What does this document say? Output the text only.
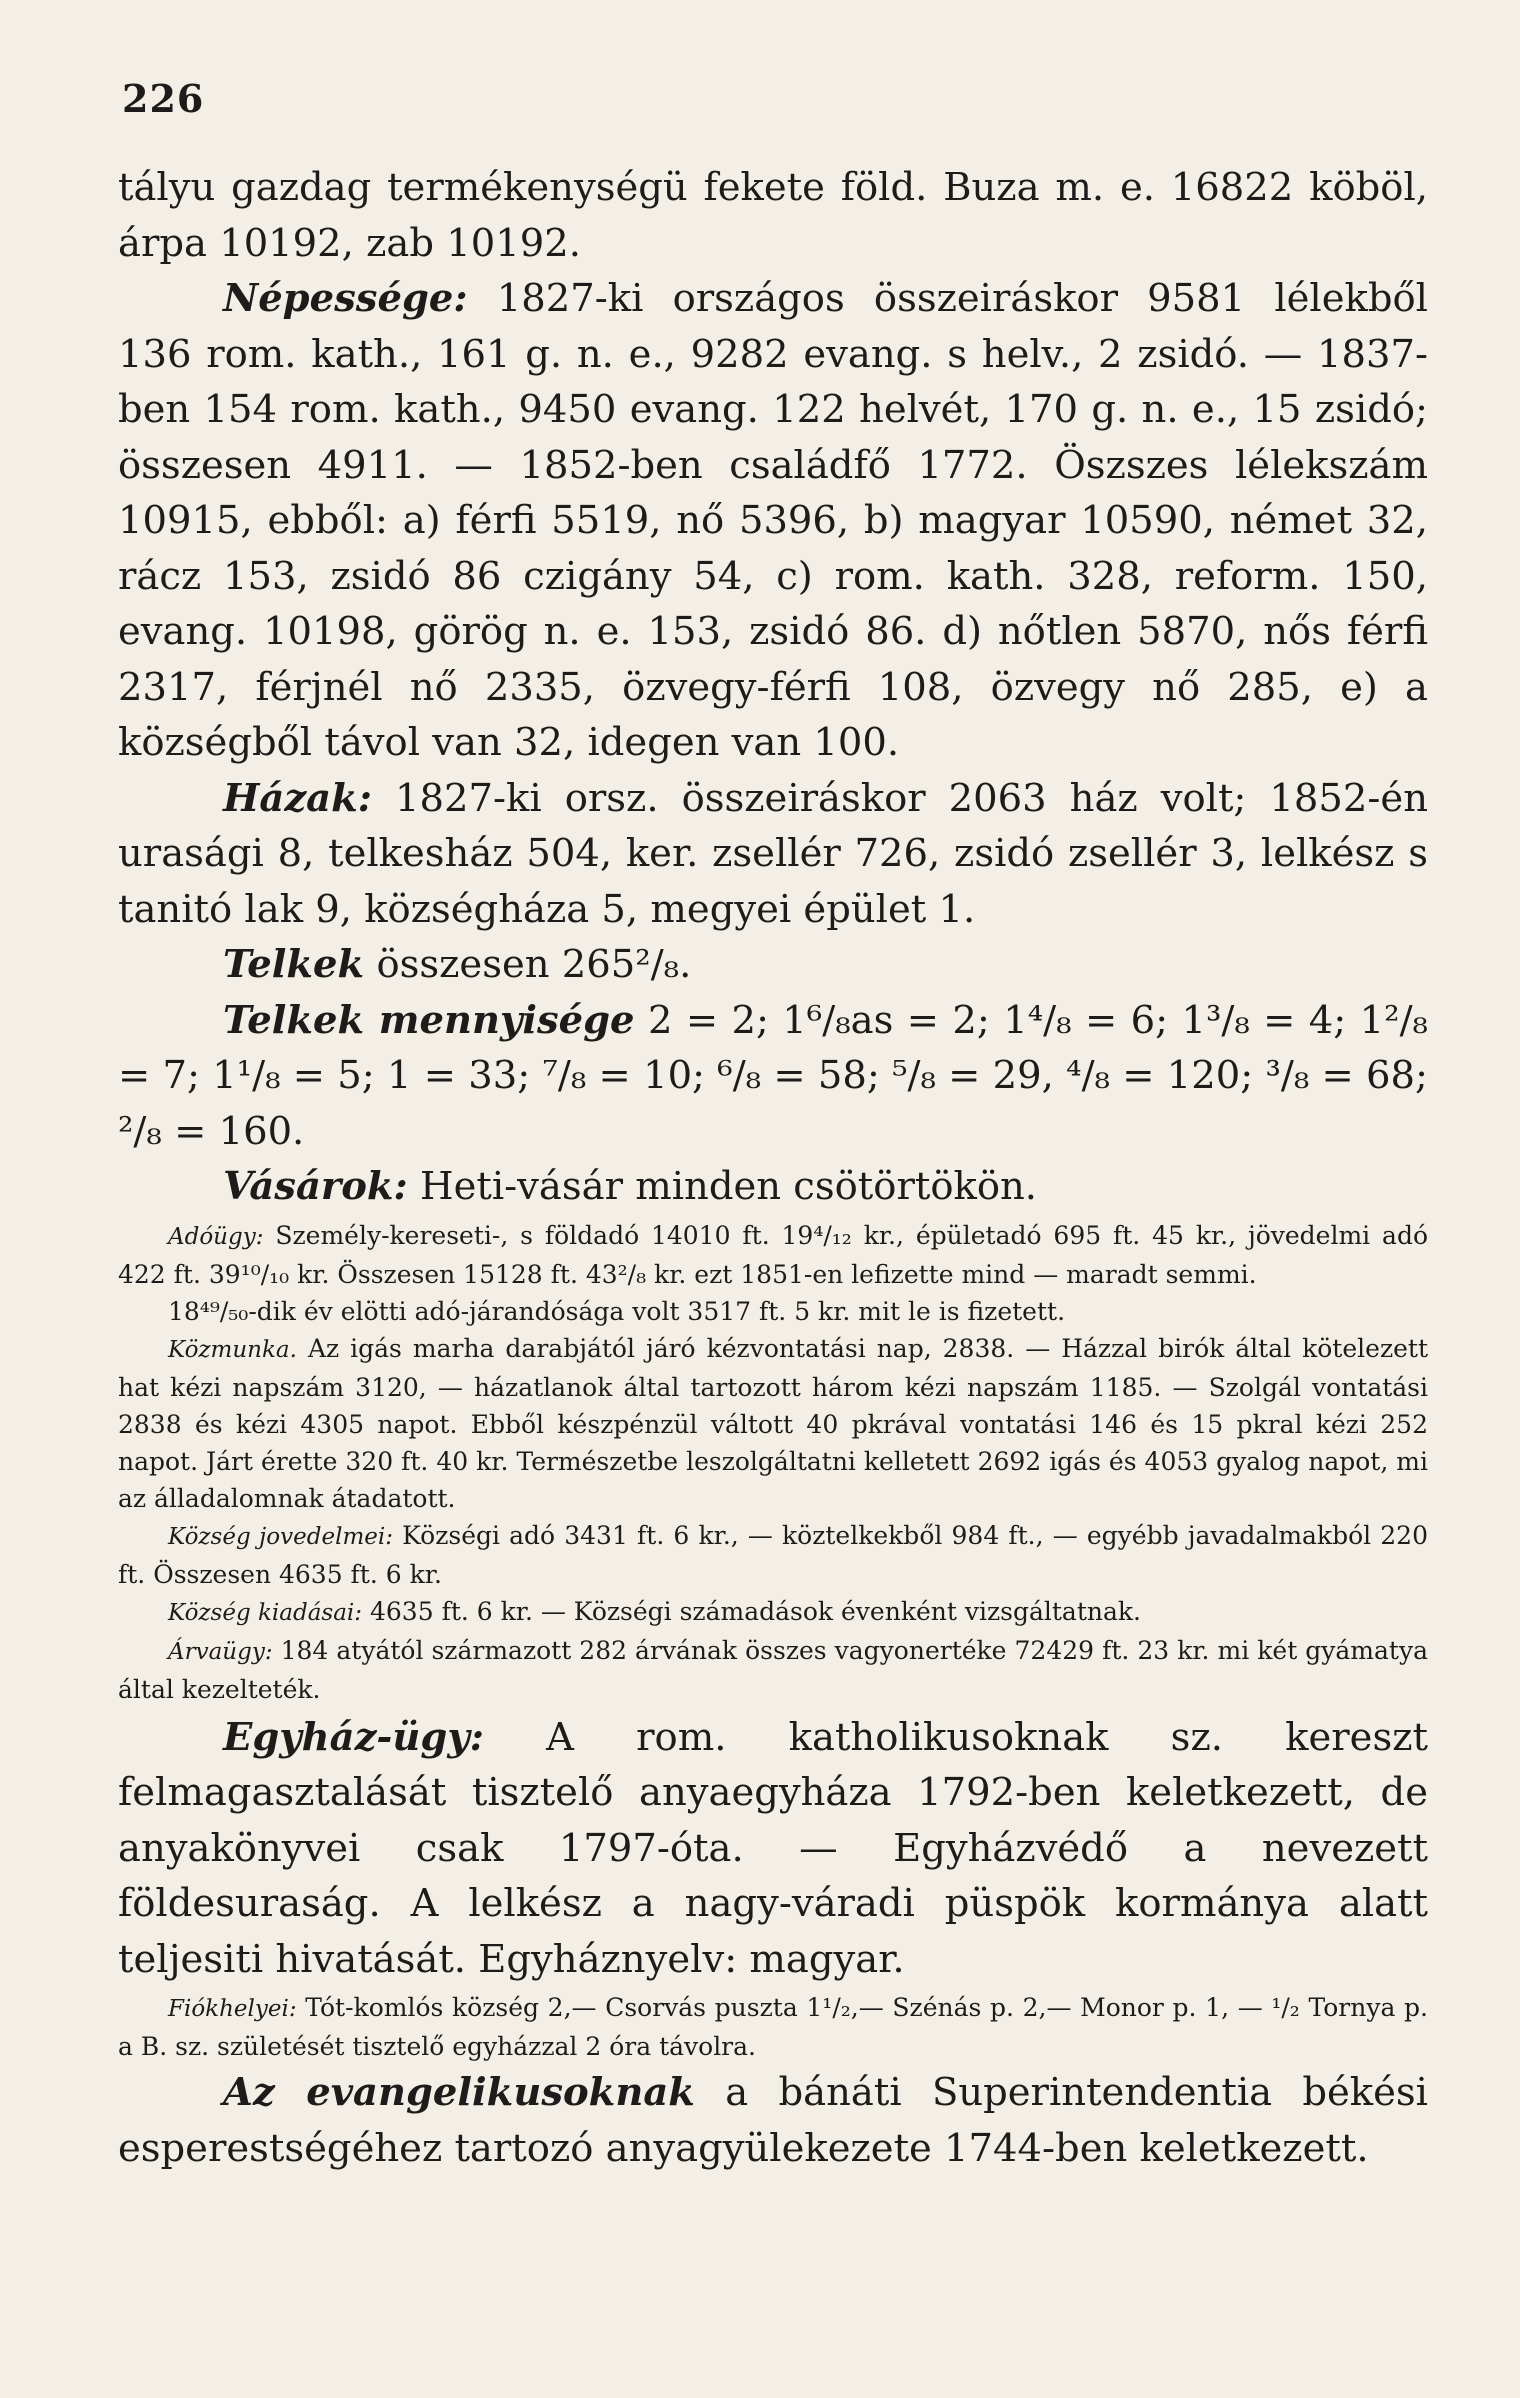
226

tályu gazdag termékenységü fekete föld. Buza m. e. 16822 köböl, árpa 10192, zab 10192.

Népessége: 1827-ki országos összeiráskor 9581 lélekből 136 rom. kath., 161 g. n. e., 9282 evang. s helv., 2 zsidó. — 1837-ben 154 rom. kath., 9450 evang. 122 helvét, 170 g. n. e., 15 zsidó; összesen 4911. — 1852-ben családfő 1772. Öszszes lélekszám 10915, ebből: a) férfi 5519, nő 5396, b) magyar 10590, német 32, rácz 153, zsidó 86 czigány 54, c) rom. kath. 328, reform. 150, evang. 10198, görög n. e. 153, zsidó 86. d) nőtlen 5870, nős férfi 2317, férjnél nő 2335, özvegy-férfi 108, özvegy nő 285, e) a községből távol van 32, idegen van 100.

Házak: 1827-ki orsz. összeiráskor 2063 ház volt; 1852-én urasági 8, telkesház 504, ker. zsellér 726, zsidó zsellér 3, lelkész s tanitó lak 9, községháza 5, megyei épület 1.

Telkek összesen 265²/₈.

Telkek mennyisége 2 = 2; 1⁶/₈as = 2; 1⁴/₈ = 6; 1³/₈ = 4; 1²/₈ = 7; 1¹/₈ = 5; 1 = 33; ⁷/₈ = 10; ⁶/₈ = 58; ⁵/₈ = 29, ⁴/₈ = 120; ³/₈ = 68; ²/₈ = 160.

Vásárok: Heti-vásár minden csötörtökön.

Adóügy: Személy-kereseti-, s földadó 14010 ft. 19⁴/₁₂ kr., épületadó 695 ft. 45 kr., jövedelmi adó 422 ft. 39¹⁰/₁₀ kr. Összesen 15128 ft. 43²/₈ kr. ezt 1851-en lefizette mind — maradt semmi.

18⁴⁹/₅₀-dik év elötti adó-járandósága volt 3517 ft. 5 kr. mit le is fizetett.

Közmunka. Az igás marha darabjától járó kézvontatási nap, 2838. — Házzal birók által kötelezett hat kézi napszám 3120, — házatlanok által tartozott három kézi napszám 1185. — Szolgál vontatási 2838 és kézi 4305 napot. Ebből készpénzül váltott 40 pkrával vontatási 146 és 15 pkral kézi 252 napot. Járt érette 320 ft. 40 kr. Természetbe leszolgáltatni kelletett 2692 igás és 4053 gyalog napot, mi az álladalomnak átadatott.

Község jovedelmei: Községi adó 3431 ft. 6 kr., — köztelkekből 984 ft., — egyébb javadalmakból 220 ft. Összesen 4635 ft. 6 kr.

Község kiadásai: 4635 ft. 6 kr. — Községi számadások évenként vizsgáltatnak.

Árvaügy: 184 atyától származott 282 árvának összes vagyonertéke 72429 ft. 23 kr. mi két gyámatya által kezelteték.

Egyház-ügy: A rom. katholikusoknak sz. kereszt felmagasztalását tisztelő anyaegyháza 1792-ben keletkezett, de anyakönyvei csak 1797-óta. — Egyházvédő a nevezett földesuraság. A lelkész a nagy-váradi püspök kormánya alatt teljesiti hivatását. Egyháznyelv: magyar.

Fiókhelyei: Tót-komlós község 2,— Csorvás puszta 1¹/₂,— Szénás p. 2,— Monor p. 1, — ¹/₂ Tornya p. a B. sz. születését tisztelő egyházzal 2 óra távolra.

Az evangelikusoknak a bánáti Superintendentia békési esperestségéhez tartozó anyagyülekezete 1744-ben keletkezett.
